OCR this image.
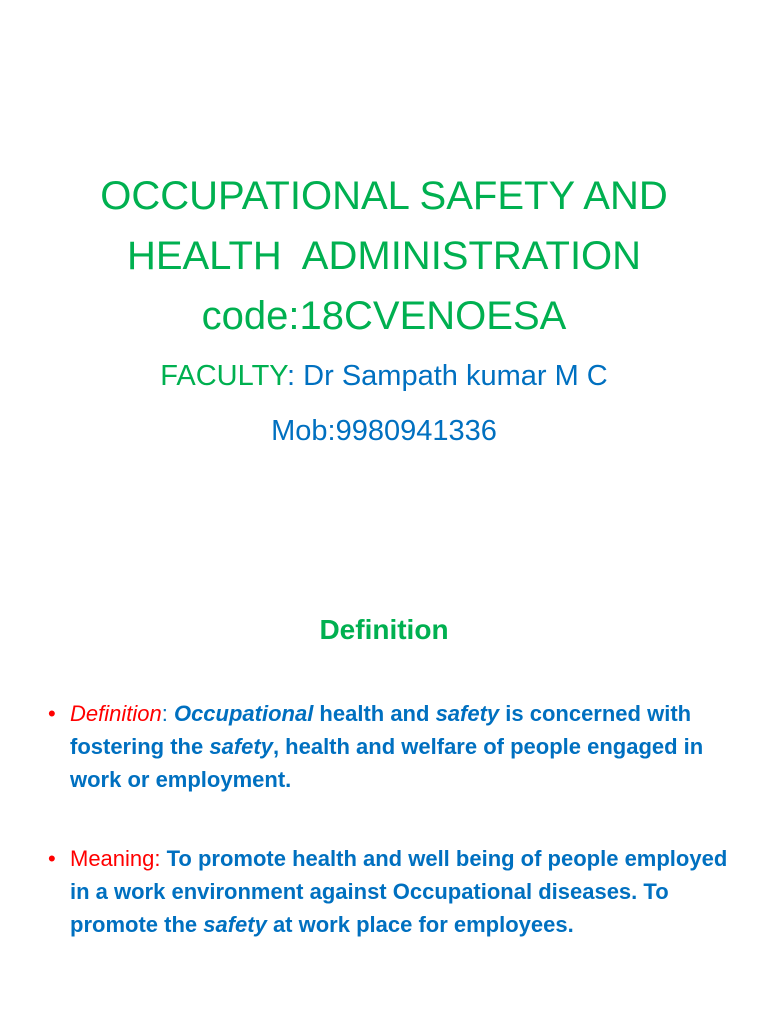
OCCUPATIONAL SAFETY AND
HEALTH  ADMINISTRATION
code:18CVENOESA
FACULTY: Dr Sampath kumar M C
Mob:9980941336
Definition
• Definition: Occupational health and safety is concerned with fostering the safety, health and welfare of people engaged in work or employment.
• Meaning: To promote health and well being of people employed in a work environment against Occupational diseases. To promote the safety at work place for employees.
